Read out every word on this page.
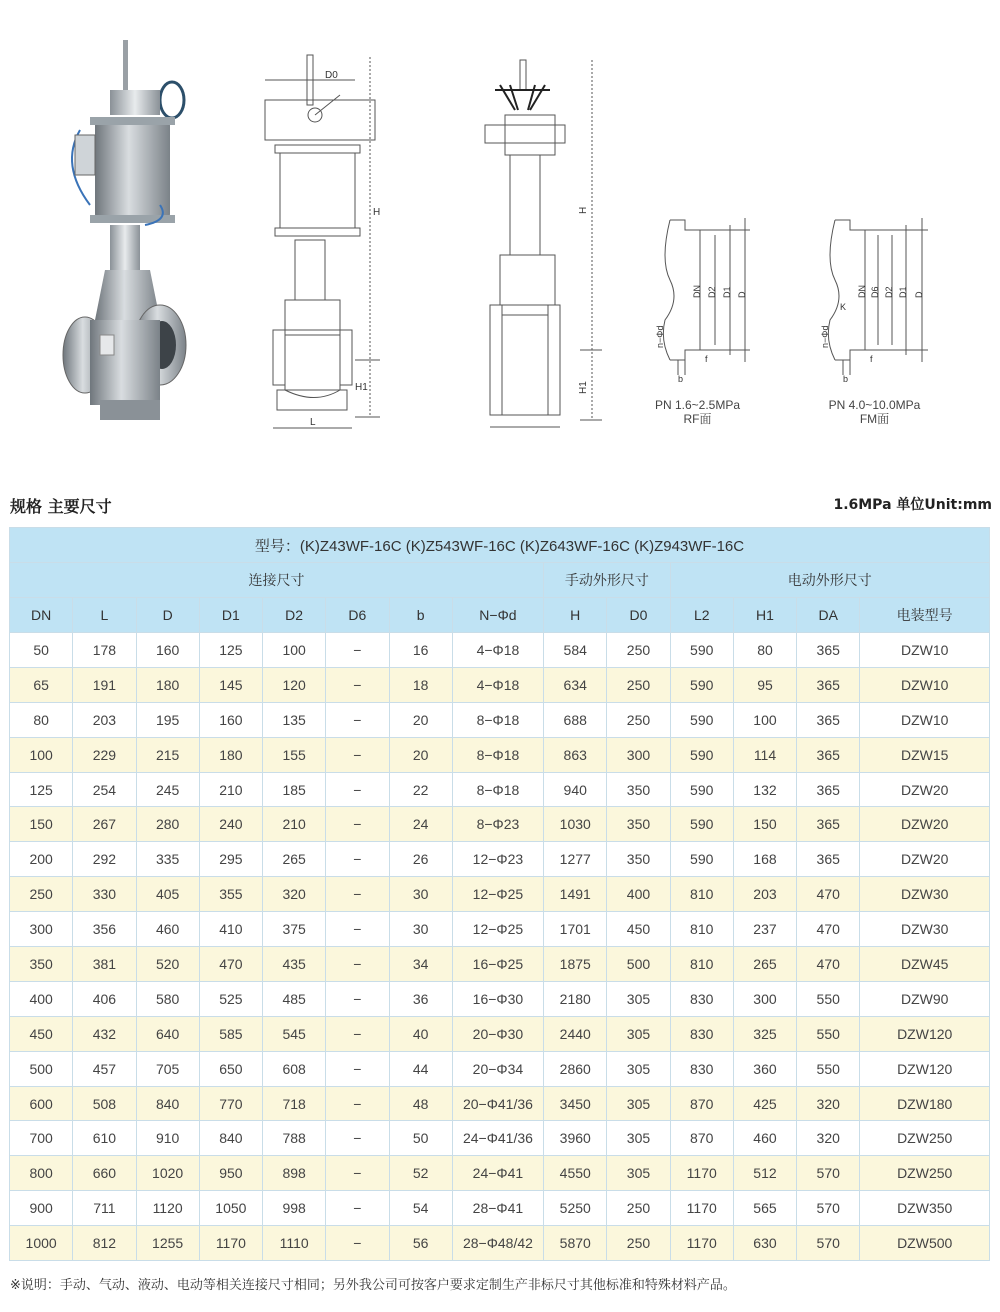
D0
H
H1
L
H
H1
DN D2 D1 D
n−Φd
b
f
PN 1.6~2.5MPa
RF面
DN D6 D2 D1 D
K
n−Φd
b
f
PN 4.0~10.0MPa
FM面
规格 主要尺寸	1.6MPa 单位Unit:mm
型号：(K)Z43WF-16C (K)Z543WF-16C (K)Z643WF-16C (K)Z943WF-16C													
连接尺寸								手动外形尺寸		电动外形尺寸			
DN	L	D	D1	D2	D6	b	N−Φd	H	D0	L2	H1	DA	电装型号
50	178	160	125	100	−	16	4−Φ18	584	250	590	80	365	DZW10
65	191	180	145	120	−	18	4−Φ18	634	250	590	95	365	DZW10
80	203	195	160	135	−	20	8−Φ18	688	250	590	100	365	DZW10
100	229	215	180	155	−	20	8−Φ18	863	300	590	114	365	DZW15
125	254	245	210	185	−	22	8−Φ18	940	350	590	132	365	DZW20
150	267	280	240	210	−	24	8−Φ23	1030	350	590	150	365	DZW20
200	292	335	295	265	−	26	12−Φ23	1277	350	590	168	365	DZW20
250	330	405	355	320	−	30	12−Φ25	1491	400	810	203	470	DZW30
300	356	460	410	375	−	30	12−Φ25	1701	450	810	237	470	DZW30
350	381	520	470	435	−	34	16−Φ25	1875	500	810	265	470	DZW45
400	406	580	525	485	−	36	16−Φ30	2180	305	830	300	550	DZW90
450	432	640	585	545	−	40	20−Φ30	2440	305	830	325	550	DZW120
500	457	705	650	608	−	44	20−Φ34	2860	305	830	360	550	DZW120
600	508	840	770	718	−	48	20−Φ41/36	3450	305	870	425	320	DZW180
700	610	910	840	788	−	50	24−Φ41/36	3960	305	870	460	320	DZW250
800	660	1020	950	898	−	52	24−Φ41	4550	305	1170	512	570	DZW250
900	711	1120	1050	998	−	54	28−Φ41	5250	250	1170	565	570	DZW350
1000	812	1255	1170	1110	−	56	28−Φ48/42	5870	250	1170	630	570	DZW500
※说明：手动、气动、液动、电动等相关连接尺寸相同；另外我公司可按客户要求定制生产非标尺寸其他标准和特殊材料产品。
